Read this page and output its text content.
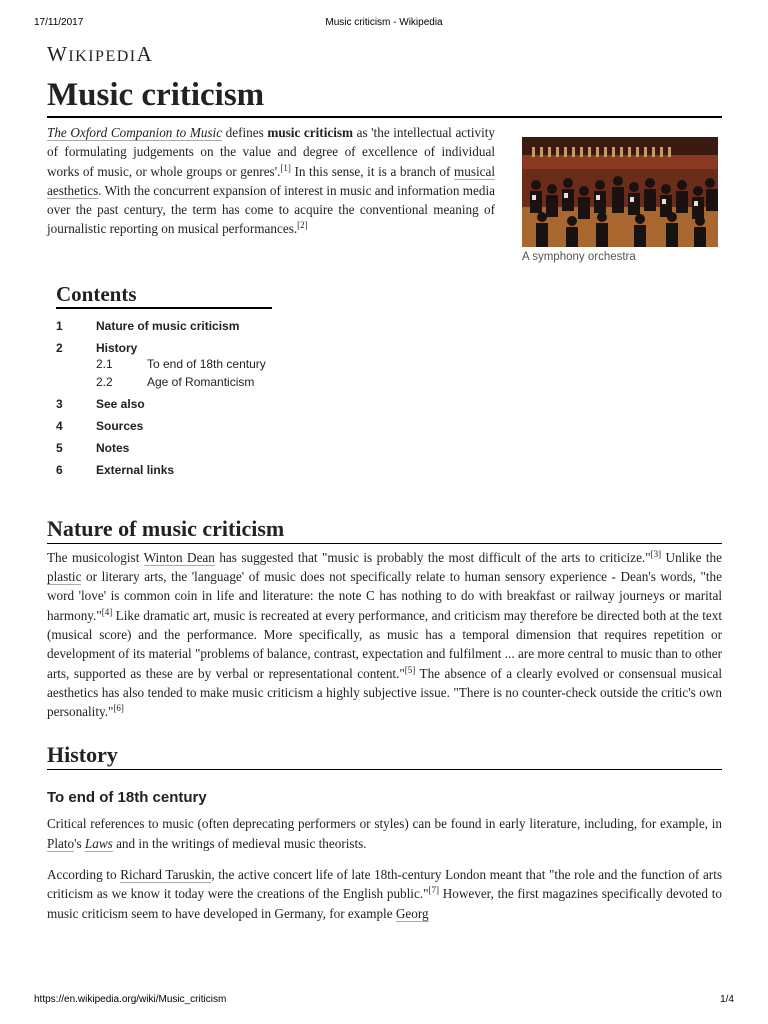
17/11/2017	Music criticism - Wikipedia
WIKIPEDIA
Music criticism

The Oxford Companion to Music defines music criticism as 'the intellectual activity of formulating judgements on the value and degree of excellence of individual works of music, or whole groups or genres'.[1] In this sense, it is a branch of musical aesthetics. With the concurrent expansion of interest in music and information media over the past century, the term has come to acquire the conventional meaning of journalistic reporting on musical performances.[2]

A symphony orchestra
Contents
1	Nature of music criticism
2	History
2.1	To end of 18th century
2.2	Age of Romanticism
3	See also
4	Sources
5	Notes
6	External links
Nature of music criticism

The musicologist Winton Dean has suggested that "music is probably the most difficult of the arts to criticize."[3] Unlike the plastic or literary arts, the 'language' of music does not specifically relate to human sensory experience - Dean's words, "the word 'love' is common coin in life and literature: the note C has nothing to do with breakfast or railway journeys or marital harmony."[4] Like dramatic art, music is recreated at every performance, and criticism may therefore be directed both at the text (musical score) and the performance. More specifically, as music has a temporal dimension that requires repetition or development of its material "problems of balance, contrast, expectation and fulfilment ... are more central to music than to other arts, supported as these are by verbal or representational content."[5] The absence of a clearly evolved or consensual musical aesthetics has also tended to make music criticism a highly subjective issue. "There is no counter-check outside the critic's own personality."[6]

History
To end of 18th century

Critical references to music (often deprecating performers or styles) can be found in early literature, including, for example, in Plato's Laws and in the writings of medieval music theorists.

According to Richard Taruskin, the active concert life of late 18th-century London meant that "the role and the function of arts criticism as we know it today were the creations of the English public."[7] However, the first magazines specifically devoted to music criticism seem to have developed in Germany, for example Georg

https://en.wikipedia.org/wiki/Music_criticism	1/4
